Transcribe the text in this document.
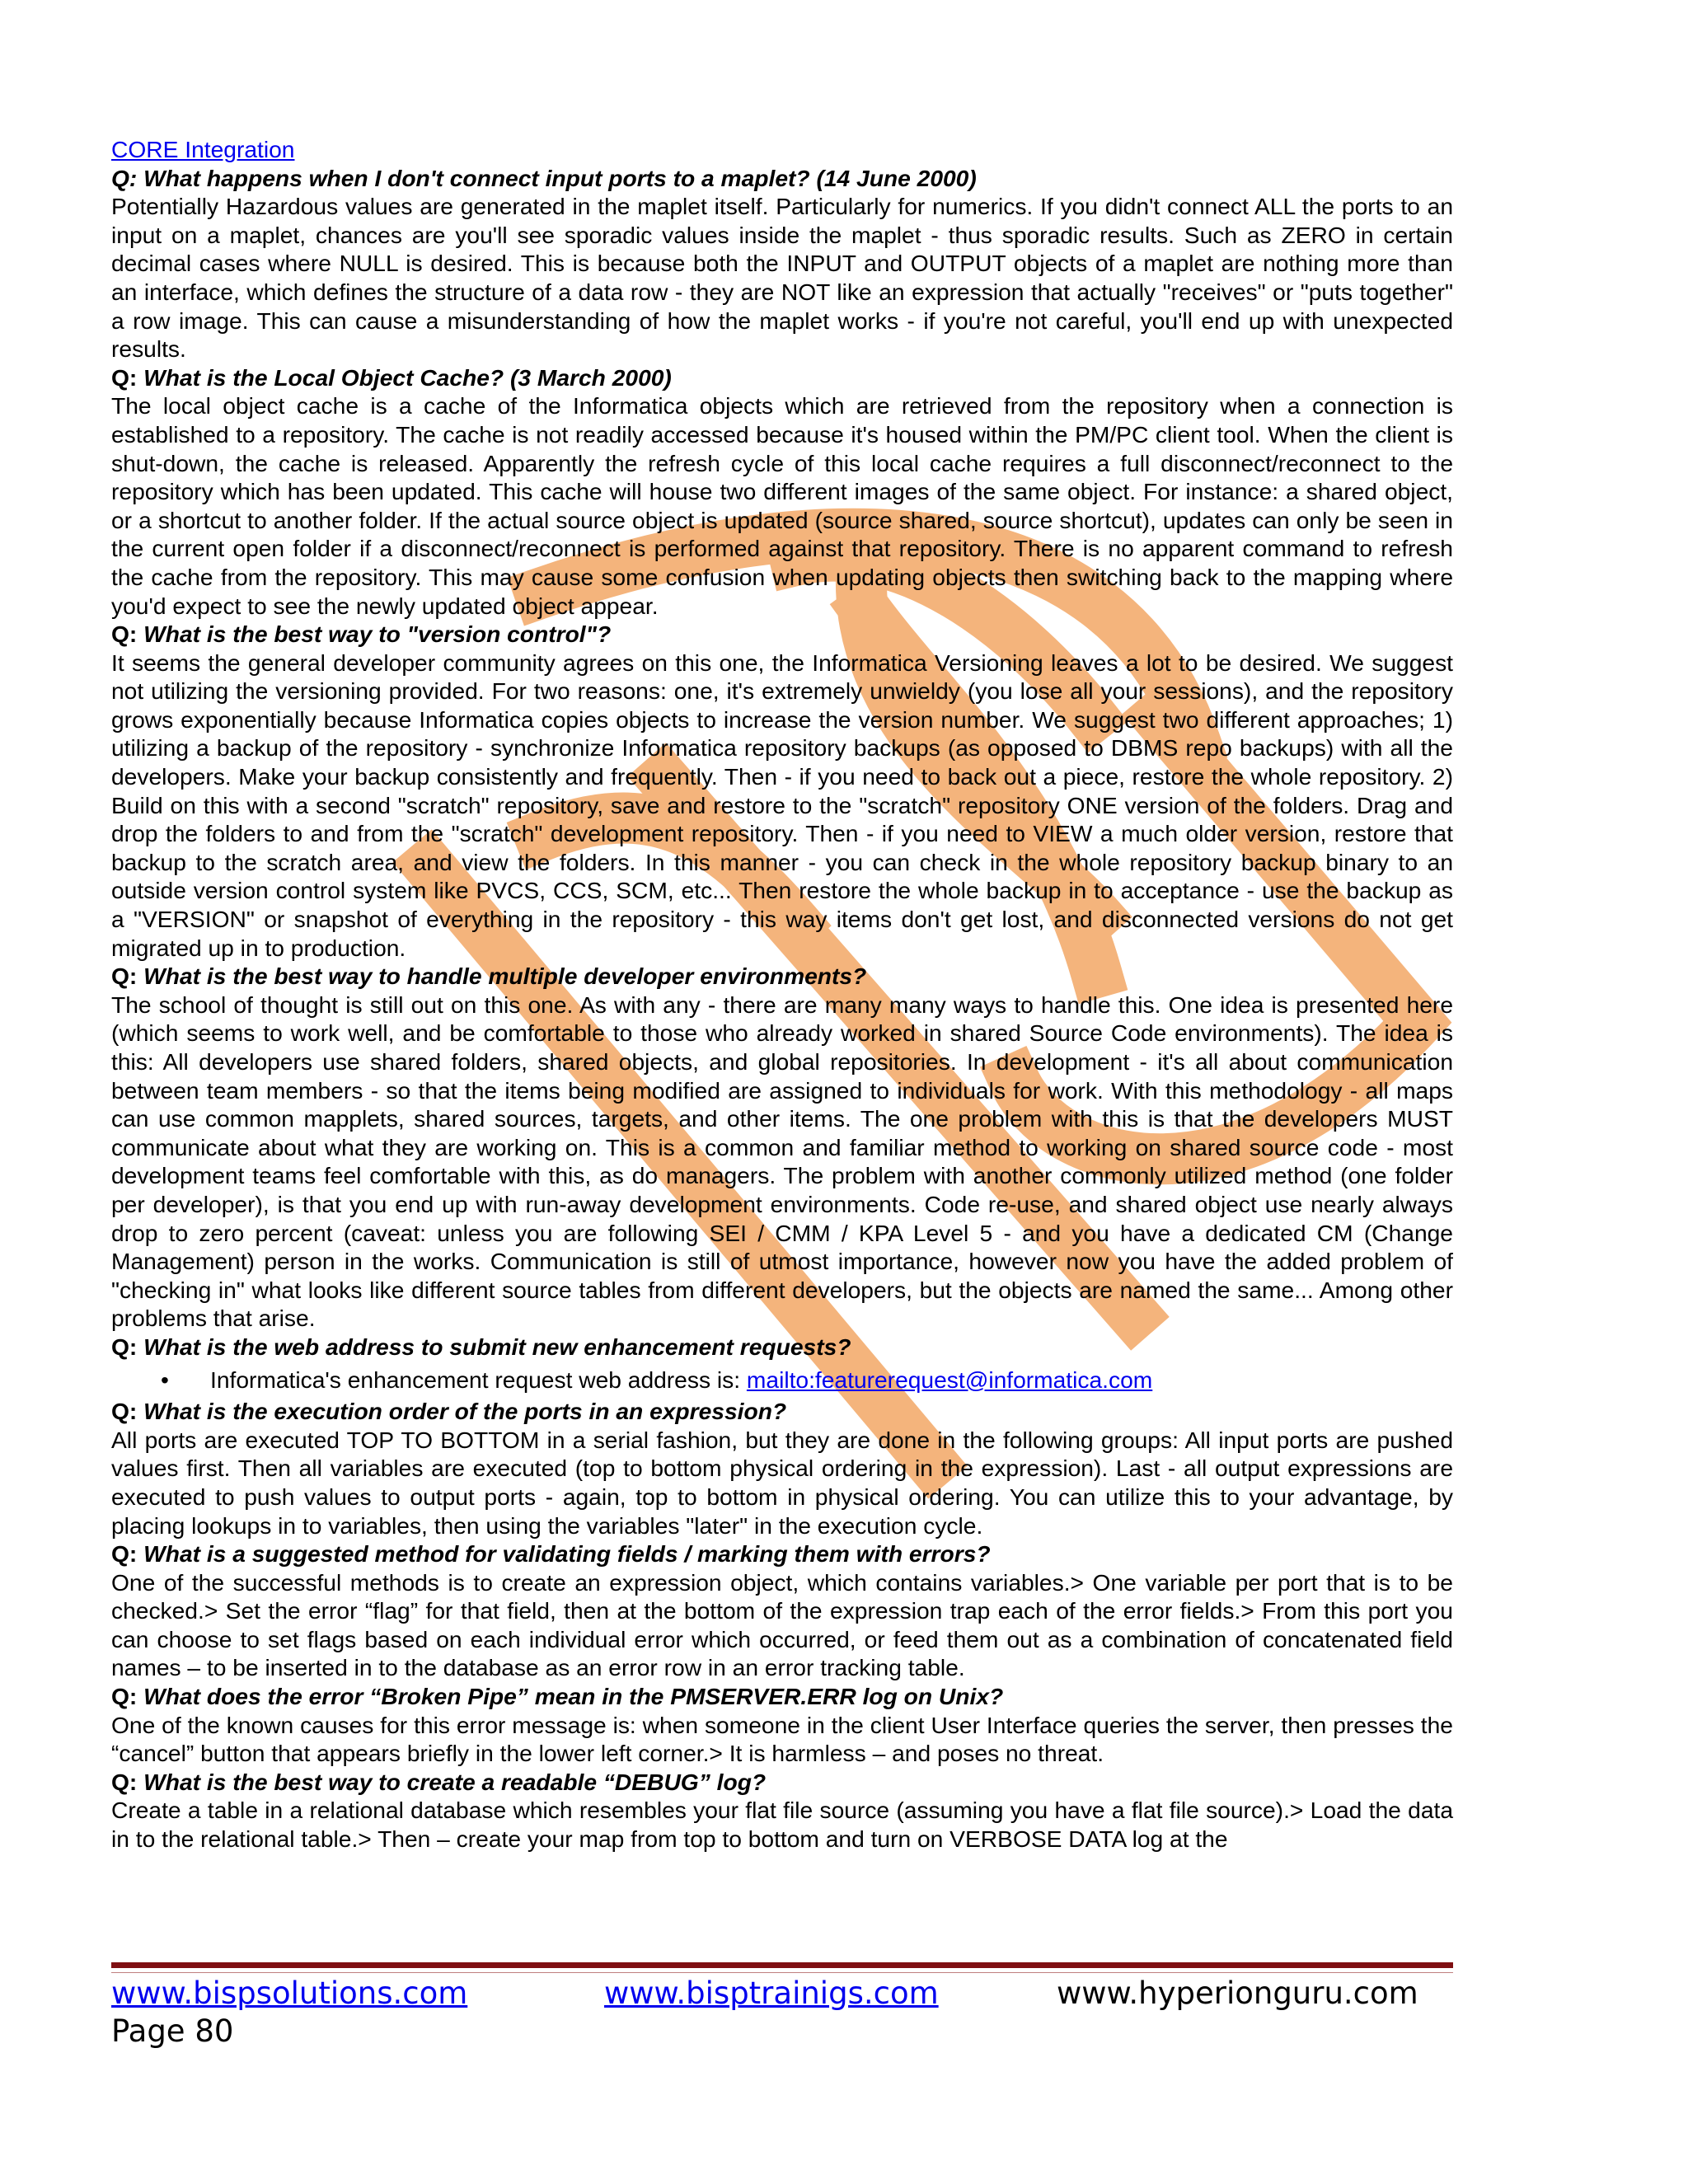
CORE Integration

Q: What happens when I don't connect input ports to a maplet? (14 June 2000)

Potentially Hazardous values are generated in the maplet itself. Particularly for numerics. If you didn't connect ALL the ports to an input on a maplet, chances are you'll see sporadic values inside the maplet - thus sporadic results. Such as ZERO in certain decimal cases where NULL is desired. This is because both the INPUT and OUTPUT objects of a maplet are nothing more than an interface, which defines the structure of a data row - they are NOT like an expression that actually "receives" or "puts together" a row image. This can cause a misunderstanding of how the maplet works - if you're not careful, you'll end up with unexpected results.

Q: What is the Local Object Cache? (3 March 2000)

The local object cache is a cache of the Informatica objects which are retrieved from the repository when a connection is established to a repository. The cache is not readily accessed because it's housed within the PM/PC client tool. When the client is shut-down, the cache is released. Apparently the refresh cycle of this local cache requires a full disconnect/reconnect to the repository which has been updated. This cache will house two different images of the same object. For instance: a shared object, or a shortcut to another folder. If the actual source object is updated (source shared, source shortcut), updates can only be seen in the current open folder if a disconnect/reconnect is performed against that repository. There is no apparent command to refresh the cache from the repository. This may cause some confusion when updating objects then switching back to the mapping where you'd expect to see the newly updated object appear.

Q: What is the best way to "version control"?

It seems the general developer community agrees on this one, the Informatica Versioning leaves a lot to be desired. We suggest not utilizing the versioning provided. For two reasons: one, it's extremely unwieldy (you lose all your sessions), and the repository grows exponentially because Informatica copies objects to increase the version number. We suggest two different approaches; 1) utilizing a backup of the repository - synchronize Informatica repository backups (as opposed to DBMS repo backups) with all the developers. Make your backup consistently and frequently. Then - if you need to back out a piece, restore the whole repository. 2) Build on this with a second "scratch" repository, save and restore to the "scratch" repository ONE version of the folders. Drag and drop the folders to and from the "scratch" development repository. Then - if you need to VIEW a much older version, restore that backup to the scratch area, and view the folders. In this manner - you can check in the whole repository backup binary to an outside version control system like PVCS, CCS, SCM, etc... Then restore the whole backup in to acceptance - use the backup as a "VERSION" or snapshot of everything in the repository - this way items don't get lost, and disconnected versions do not get migrated up in to production.

Q: What is the best way to handle multiple developer environments?

The school of thought is still out on this one. As with any - there are many many ways to handle this. One idea is presented here (which seems to work well, and be comfortable to those who already worked in shared Source Code environments). The idea is this: All developers use shared folders, shared objects, and global repositories. In development - it's all about communication between team members - so that the items being modified are assigned to individuals for work. With this methodology - all maps can use common mapplets, shared sources, targets, and other items. The one problem with this is that the developers MUST communicate about what they are working on. This is a common and familiar method to working on shared source code - most development teams feel comfortable with this, as do managers. The problem with another commonly utilized method (one folder per developer), is that you end up with run-away development environments. Code re-use, and shared object use nearly always drop to zero percent (caveat: unless you are following SEI / CMM / KPA Level 5 - and you have a dedicated CM (Change Management) person in the works. Communication is still of utmost importance, however now you have the added problem of "checking in" what looks like different source tables from different developers, but the objects are named the same... Among other problems that arise.

Q: What is the web address to submit new enhancement requests?

• Informatica's enhancement request web address is: mailto:featurerequest@informatica.com

Q: What is the execution order of the ports in an expression?

All ports are executed TOP TO BOTTOM in a serial fashion, but they are done in the following groups: All input ports are pushed values first. Then all variables are executed (top to bottom physical ordering in the expression). Last - all output expressions are executed to push values to output ports - again, top to bottom in physical ordering. You can utilize this to your advantage, by placing lookups in to variables, then using the variables "later" in the execution cycle.

Q: What is a suggested method for validating fields / marking them with errors?

One of the successful methods is to create an expression object, which contains variables.> One variable per port that is to be checked.> Set the error “flag” for that field, then at the bottom of the expression trap each of the error fields.> From this port you can choose to set flags based on each individual error which occurred, or feed them out as a combination of concatenated field names – to be inserted in to the database as an error row in an error tracking table.

Q: What does the error “Broken Pipe” mean in the PMSERVER.ERR log on Unix?

One of the known causes for this error message is: when someone in the client User Interface queries the server, then presses the “cancel” button that appears briefly in the lower left corner.> It is harmless – and poses no threat.

Q: What is the best way to create a readable “DEBUG” log?

Create a table in a relational database which resembles your flat file source (assuming you have a flat file source).> Load the data in to the relational table.> Then – create your map from top to bottom and turn on VERBOSE DATA log at the

www.bispsolutions.com	www.bisptrainigs.com	www.hyperionguru.com
Page 80
